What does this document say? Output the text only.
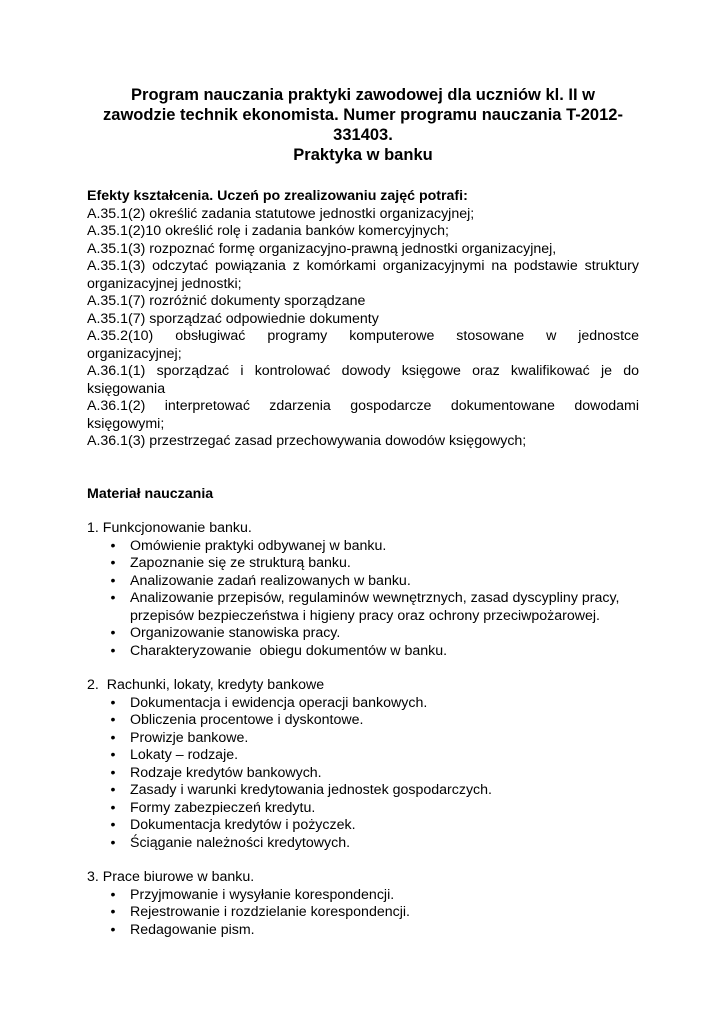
Program nauczania praktyki zawodowej dla uczniów kl. II w
zawodzie technik ekonomista. Numer programu nauczania T-2012-
331403.
Praktyka w banku
Efekty kształcenia. Uczeń po zrealizowaniu zajęć potrafi:
A.35.1(2) określić zadania statutowe jednostki organizacyjnej;
A.35.1(2)10 określić rolę i zadania banków komercyjnych;
A.35.1(3) rozpoznać formę organizacyjno-prawną jednostki organizacyjnej,
A.35.1(3) odczytać powiązania z komórkami organizacyjnymi na podstawie struktury
organizacyjnej jednostki;
A.35.1(7) rozróżnić dokumenty sporządzane
A.35.1(7) sporządzać odpowiednie dokumenty
A.35.2(10) obsługiwać programy komputerowe stosowane w jednostce
organizacyjnej;
A.36.1(1) sporządzać i kontrolować dowody księgowe oraz kwalifikować je do
księgowania
A.36.1(2) interpretować zdarzenia gospodarcze dokumentowane dowodami
księgowymi;
A.36.1(3) przestrzegać zasad przechowywania dowodów księgowych;
Materiał nauczania
1. Funkcjonowanie banku.
• Omówienie praktyki odbywanej w banku.
• Zapoznanie się ze strukturą banku.
• Analizowanie zadań realizowanych w banku.
• Analizowanie przepisów, regulaminów wewnętrznych, zasad dyscypliny pracy,
przepisów bezpieczeństwa i higieny pracy oraz ochrony przeciwpożarowej.
• Organizowanie stanowiska pracy.
• Charakteryzowanie  obiegu dokumentów w banku.
2.  Rachunki, lokaty, kredyty bankowe
• Dokumentacja i ewidencja operacji bankowych.
• Obliczenia procentowe i dyskontowe.
• Prowizje bankowe.
• Lokaty – rodzaje.
• Rodzaje kredytów bankowych.
• Zasady i warunki kredytowania jednostek gospodarczych.
• Formy zabezpieczeń kredytu.
• Dokumentacja kredytów i pożyczek.
• Ściąganie należności kredytowych.
3. Prace biurowe w banku.
• Przyjmowanie i wysyłanie korespondencji.
• Rejestrowanie i rozdzielanie korespondencji.
• Redagowanie pism.
